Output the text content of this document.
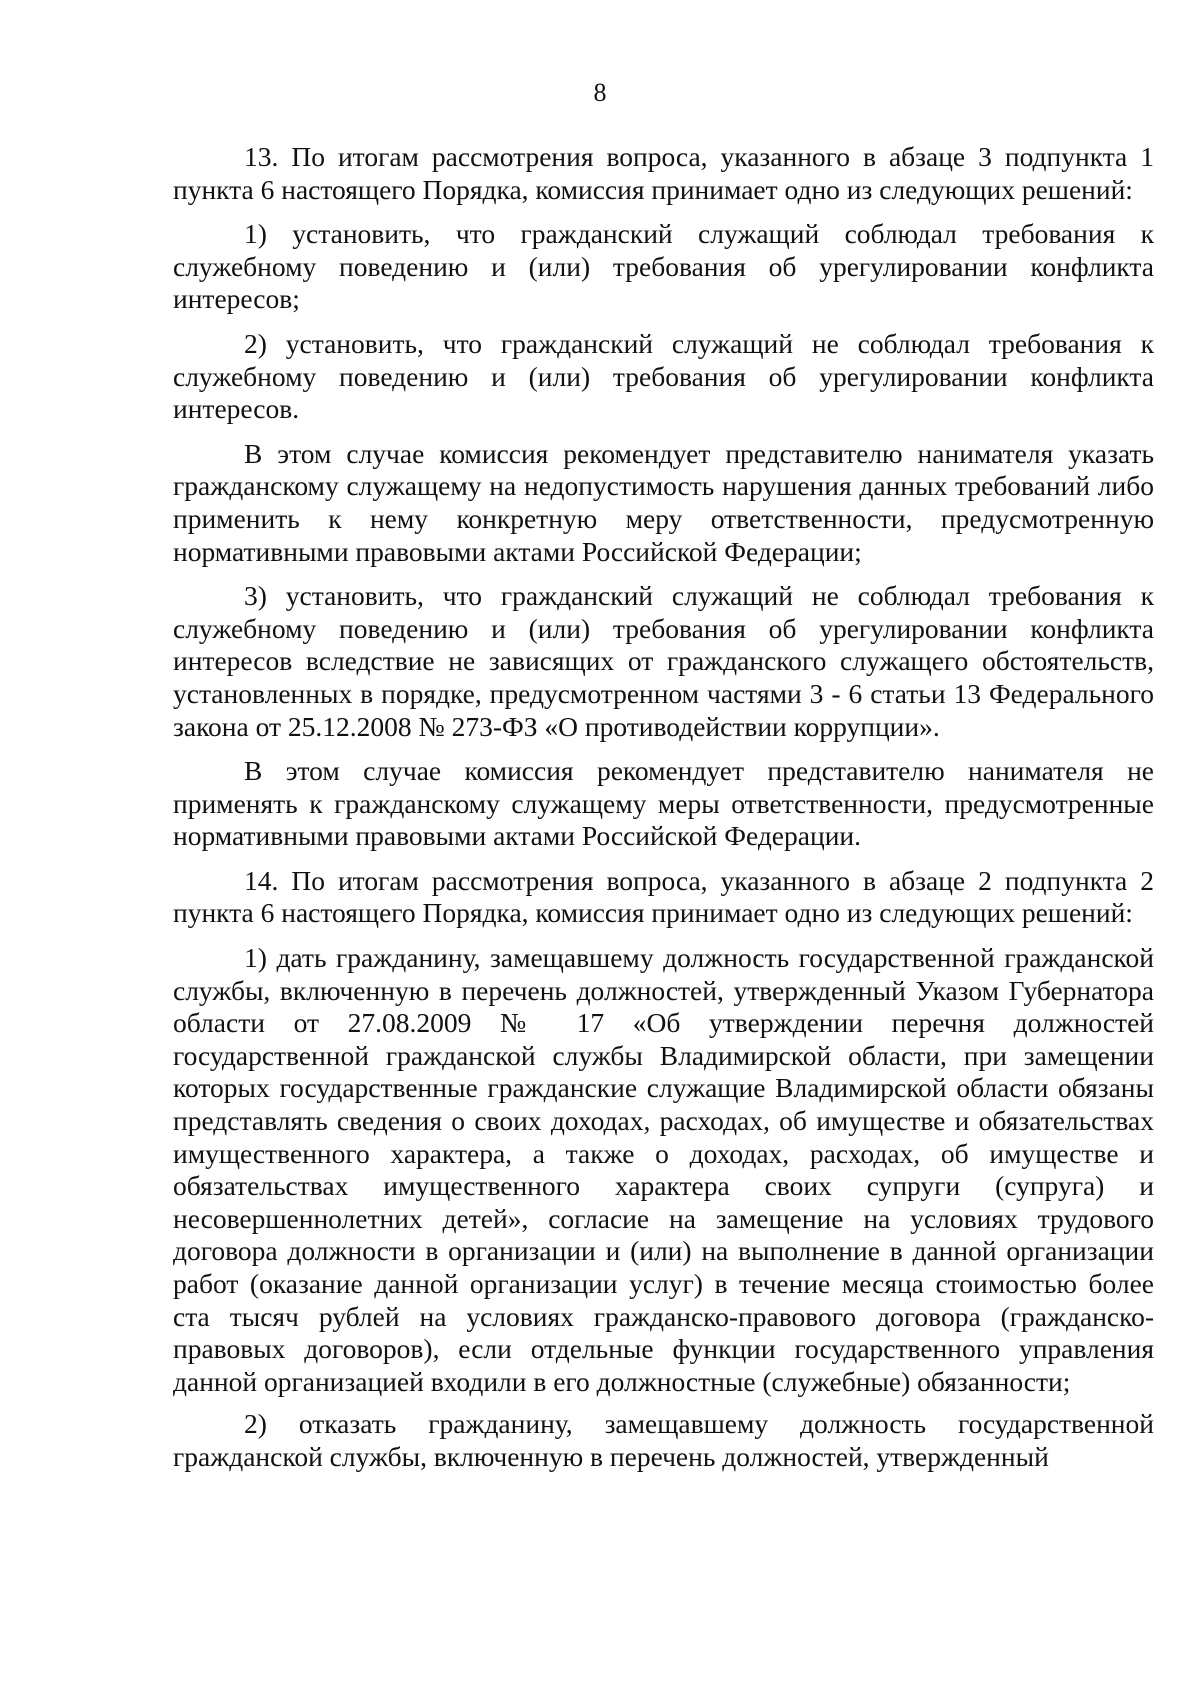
8

13. По итогам рассмотрения вопроса, указанного в абзаце 3 подпункта 1 пункта 6 настоящего Порядка, комиссия принимает одно из следующих решений:

1) установить, что гражданский служащий соблюдал требования к служебному поведению и (или) требования об урегулировании конфликта интересов;

2) установить, что гражданский служащий не соблюдал требования к служебному поведению и (или) требования об урегулировании конфликта интересов.

В этом случае комиссия рекомендует представителю нанимателя указать гражданскому служащему на недопустимость нарушения данных требований либо применить к нему конкретную меру ответственности, предусмотренную нормативными правовыми актами Российской Федерации;

3) установить, что гражданский служащий не соблюдал требования к служебному поведению и (или) требования об урегулировании конфликта интересов вследствие не зависящих от гражданского служащего обстоятельств, установленных в порядке, предусмотренном частями 3 - 6 статьи 13 Федерального закона от 25.12.2008 № 273-ФЗ «О противодействии коррупции».

В этом случае комиссия рекомендует представителю нанимателя не применять к гражданскому служащему меры ответственности, предусмотренные нормативными правовыми актами Российской Федерации.

14. По итогам рассмотрения вопроса, указанного в абзаце 2 подпункта 2 пункта 6 настоящего Порядка, комиссия принимает одно из следующих решений:

1) дать гражданину, замещавшему должность государственной гражданской службы, включенную в перечень должностей, утвержденный Указом Губернатора области от 27.08.2009 № 17 «Об утверждении перечня должностей государственной гражданской службы Владимирской области, при замещении которых государственные гражданские служащие Владимирской области обязаны представлять сведения о своих доходах, расходах, об имуществе и обязательствах имущественного характера, а также о доходах, расходах, об имуществе и обязательствах имущественного характера своих супруги (супруга) и несовершеннолетних детей», согласие на замещение на условиях трудового договора должности в организации и (или) на выполнение в данной организации работ (оказание данной организации услуг) в течение месяца стоимостью более ста тысяч рублей на условиях гражданско-правового договора (гражданско-правовых договоров), если отдельные функции государственного управления данной организацией входили в его должностные (служебные) обязанности;

2) отказать гражданину, замещавшему должность государственной гражданской службы, включенную в перечень должностей, утвержденный
